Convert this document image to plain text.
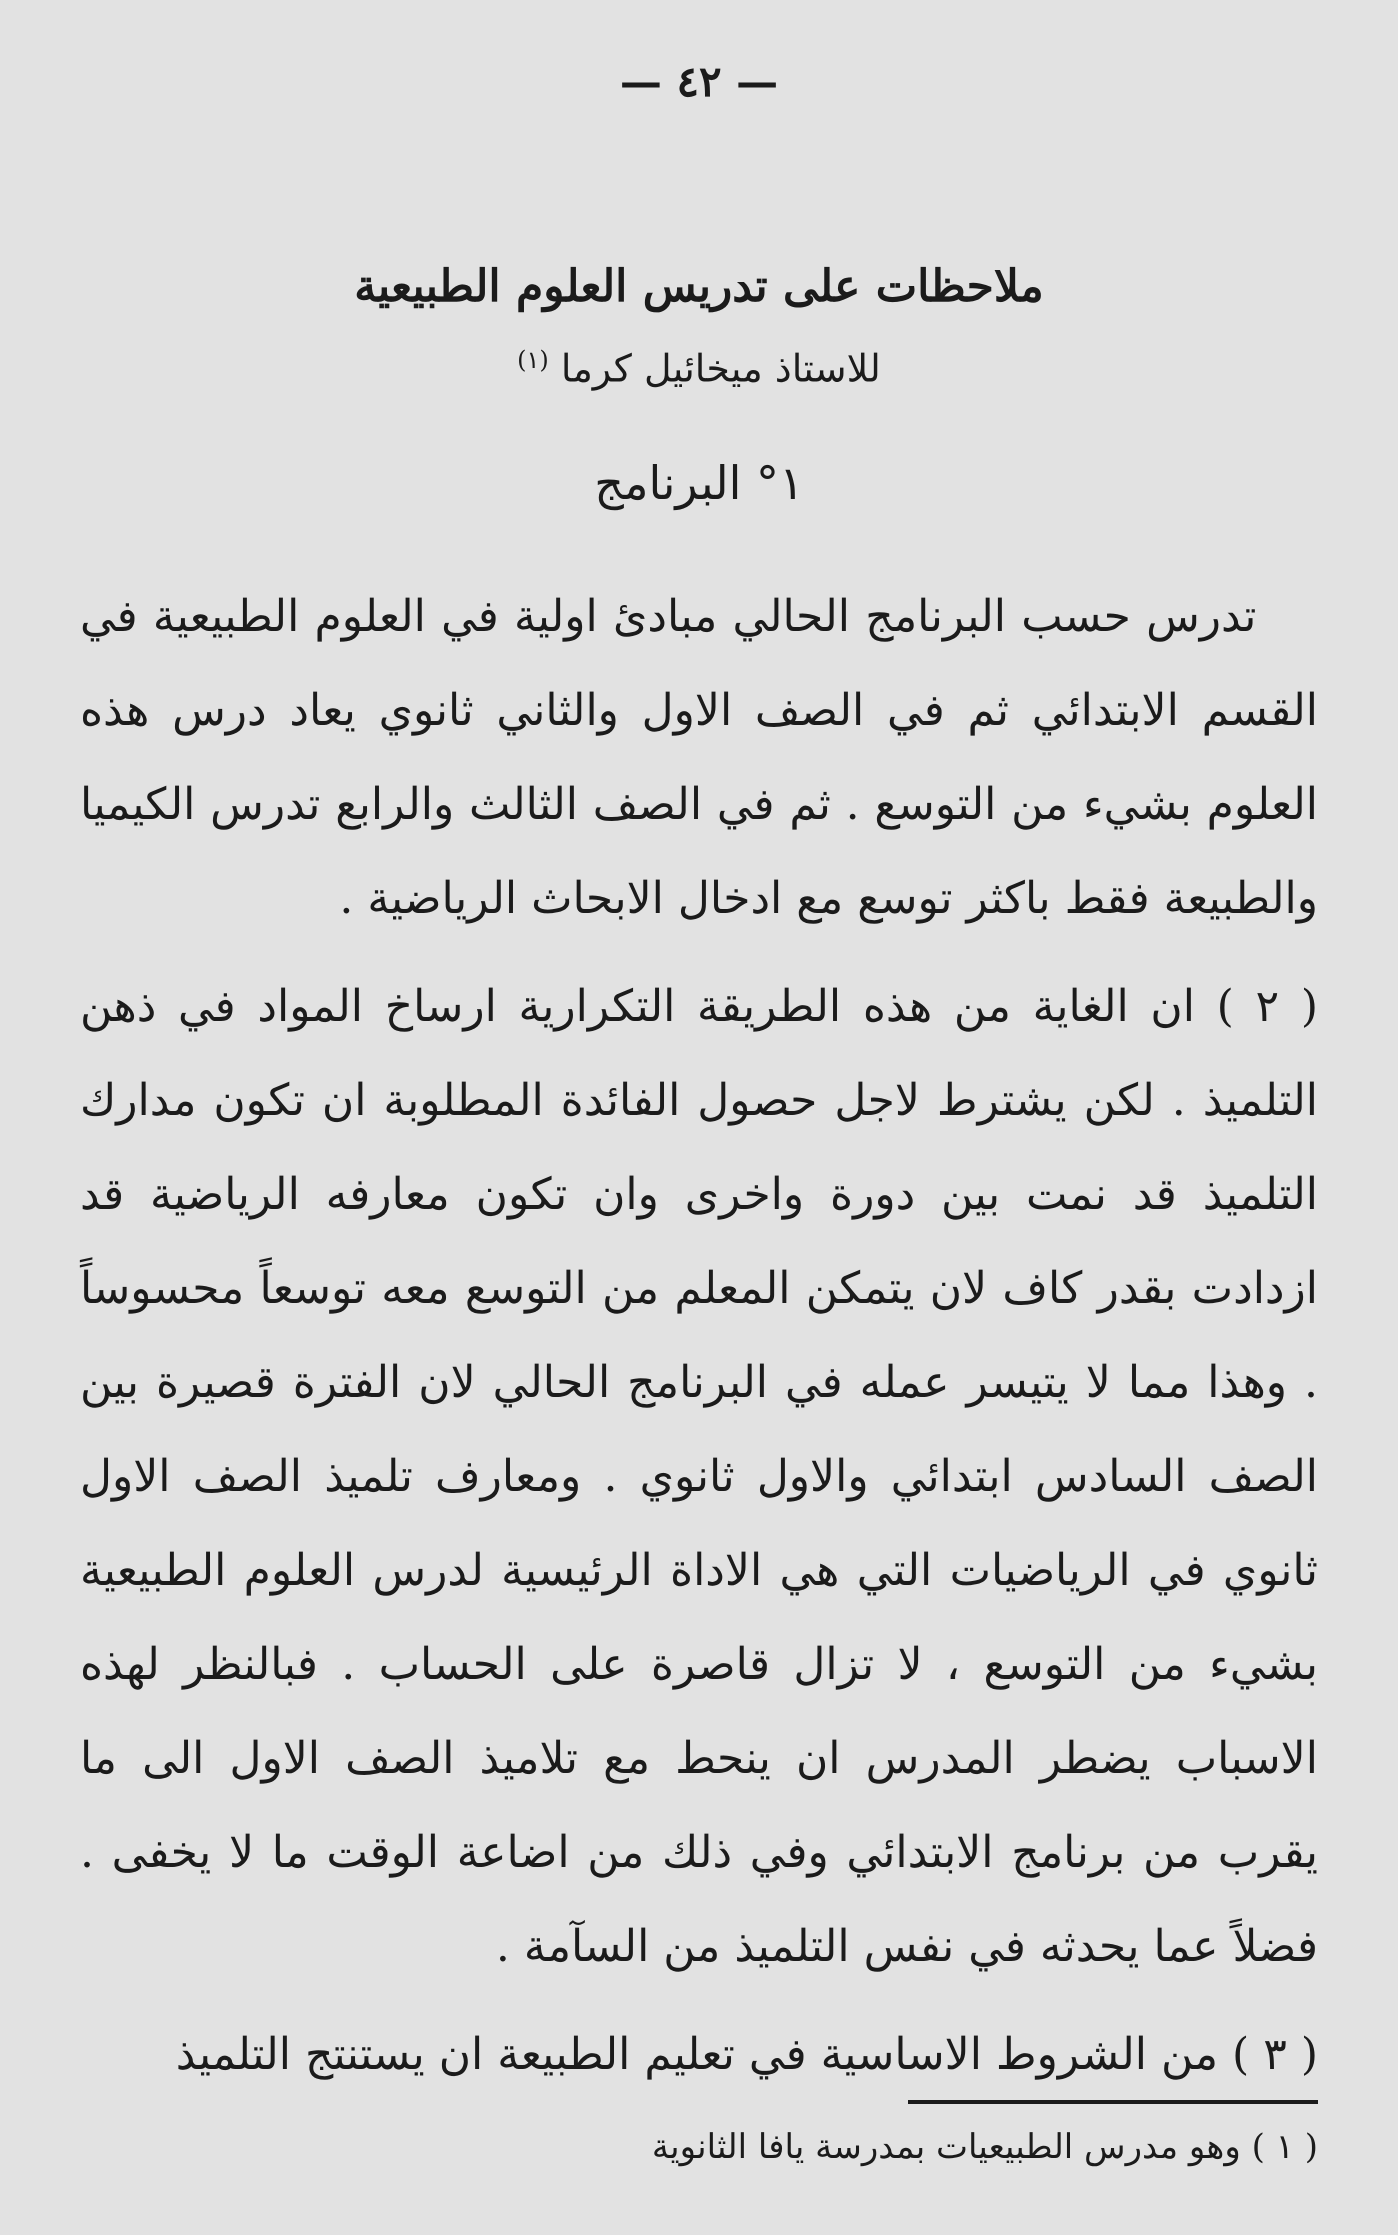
— ٤٢ —
ملاحظات على تدريس العلوم الطبيعية
للاستاذ ميخائيل كرما $^{(١)}$
١° البرنامج

تدرس حسب البرنامج الحالي مبادئ اولية في العلوم الطبيعية في القسم الابتدائي ثم في الصف الاول والثاني ثانوي يعاد درس هذه العلوم بشيء من التوسع . ثم في الصف الثالث والرابع تدرس الكيميا والطبيعة فقط باكثر توسع مع ادخال الابحاث الرياضية .

( ٢ ) ان الغاية من هذه الطريقة التكرارية ارساخ المواد في ذهن التلميذ . لكن يشترط لاجل حصول الفائدة المطلوبة ان تكون مدارك التلميذ قد نمت بين دورة واخرى وان تكون معارفه الرياضية قد ازدادت بقدر كاف لان يتمكن المعلم من التوسع معه توسعاً محسوساً . وهذا مما لا يتيسر عمله في البرنامج الحالي لان الفترة قصيرة بين الصف السادس ابتدائي والاول ثانوي . ومعارف تلميذ الصف الاول ثانوي في الرياضيات التي هي الاداة الرئيسية لدرس العلوم الطبيعية بشيء من التوسع ، لا تزال قاصرة على الحساب . فبالنظر لهذه الاسباب يضطر المدرس ان ينحط مع تلاميذ الصف الاول الى ما يقرب من برنامج الابتدائي وفي ذلك من اضاعة الوقت ما لا يخفى . فضلاً عما يحدثه في نفس التلميذ من السآمة .

( ٣ ) من الشروط الاساسية في تعليم الطبيعة ان يستنتج التلميذ

( ١ ) وهو مدرس الطبيعيات بمدرسة يافا الثانوية
